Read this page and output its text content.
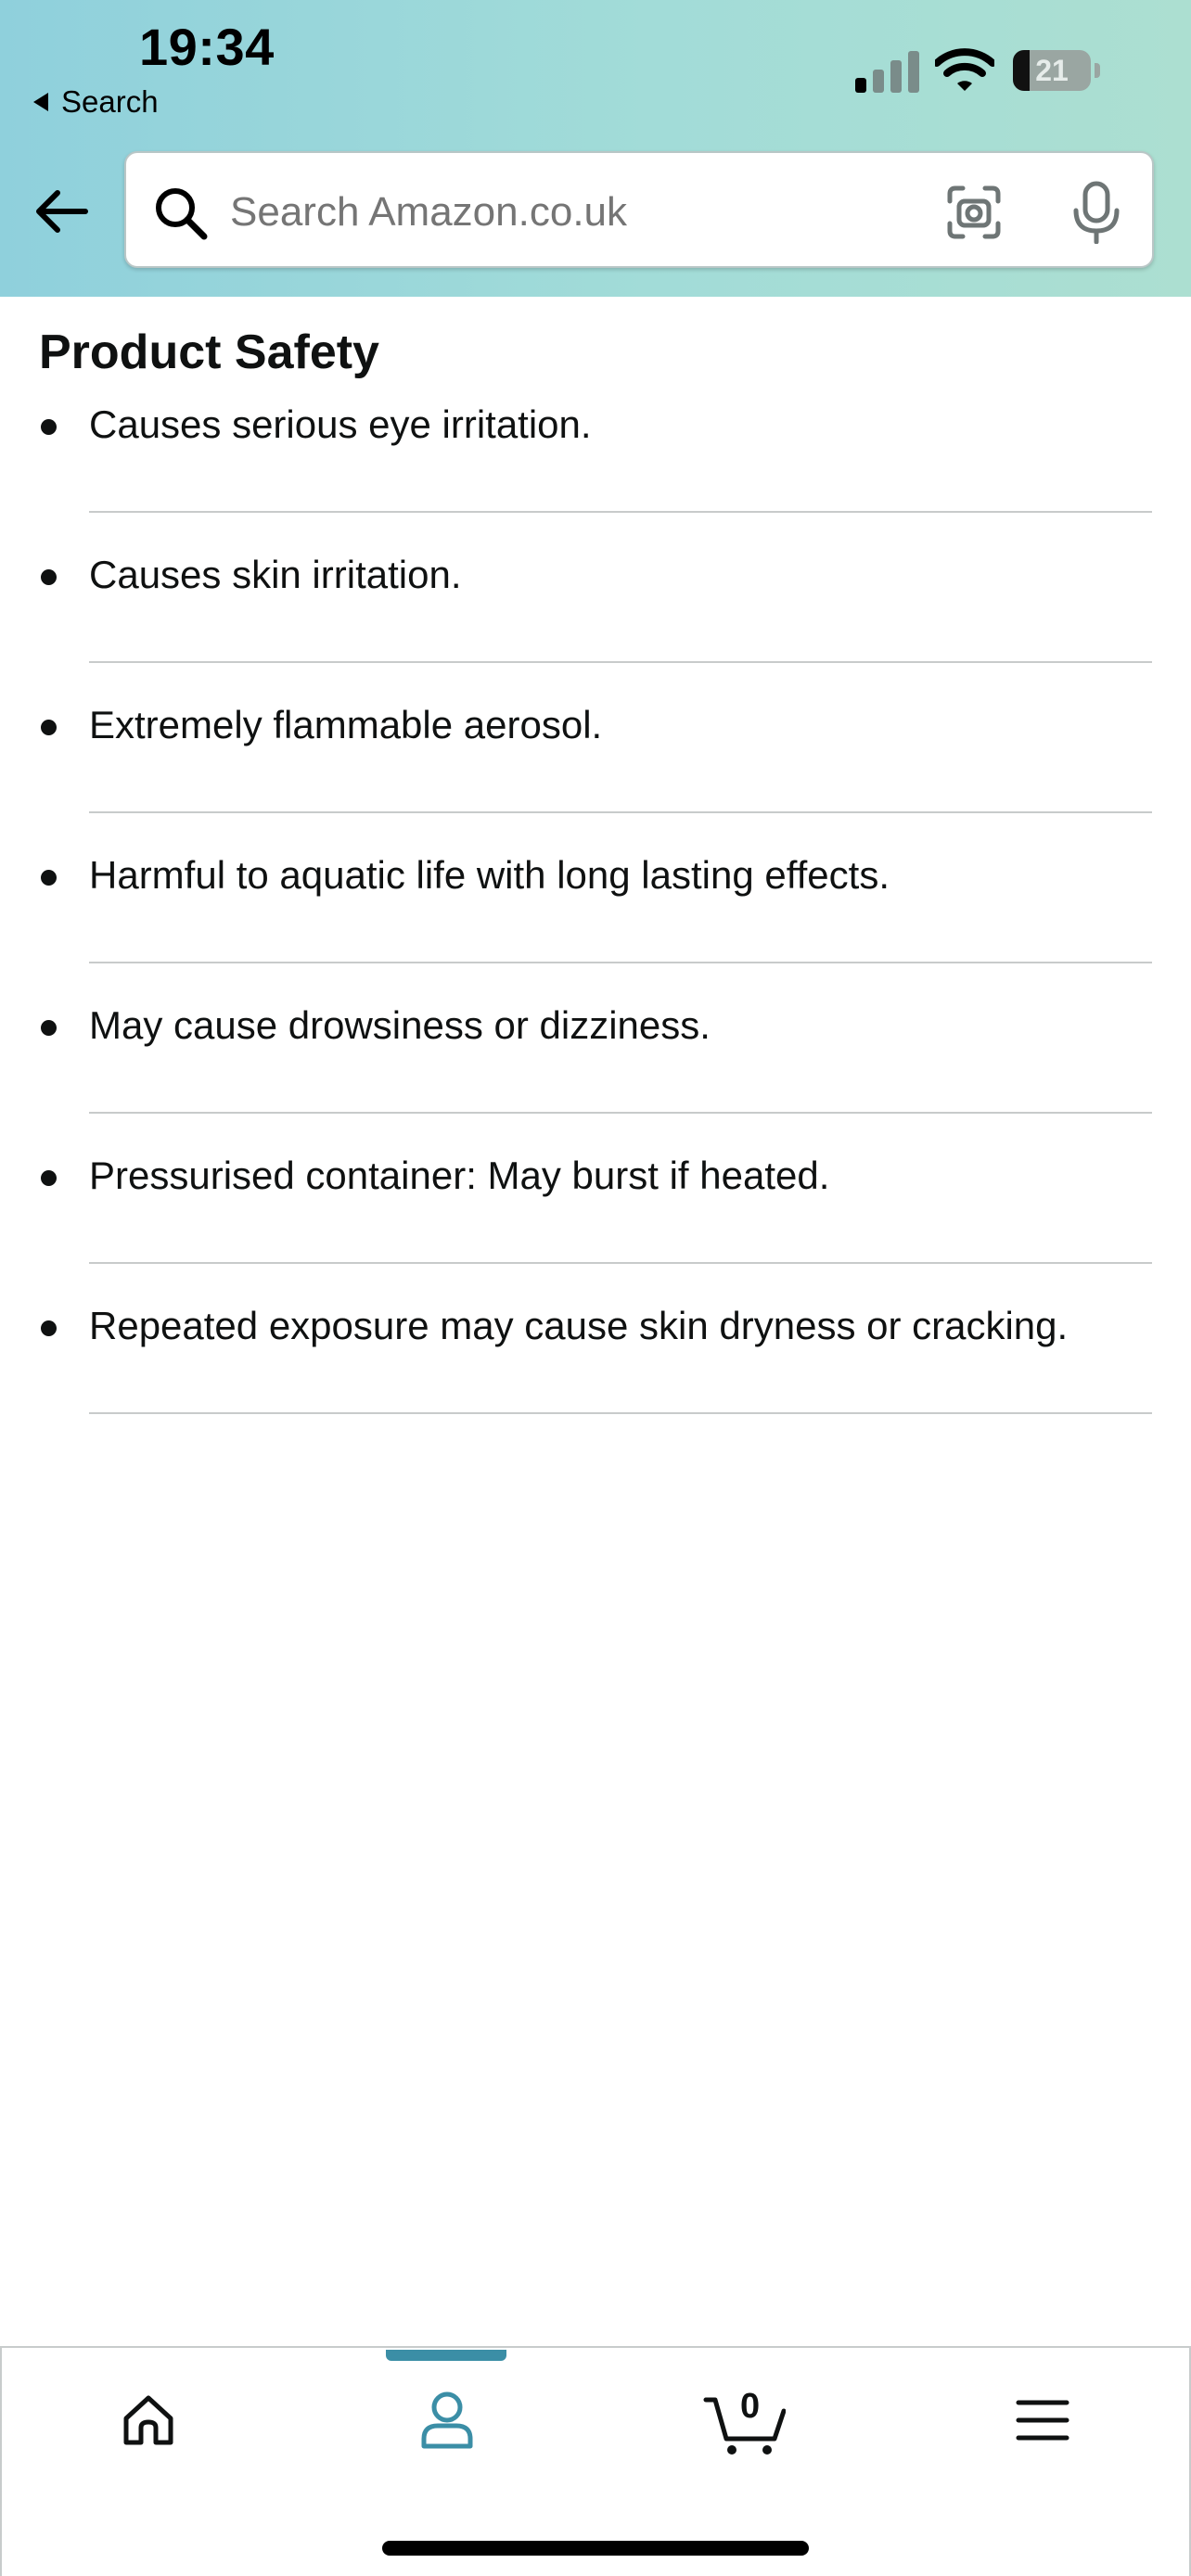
19:34
Search
21
Search Amazon.co.uk
Product Safety
Causes serious eye irritation.
Causes skin irritation.
Extremely flammable aerosol.
Harmful to aquatic life with long lasting effects.
May cause drowsiness or dizziness.
Pressurised container: May burst if heated.
Repeated exposure may cause skin dryness or cracking.
0
